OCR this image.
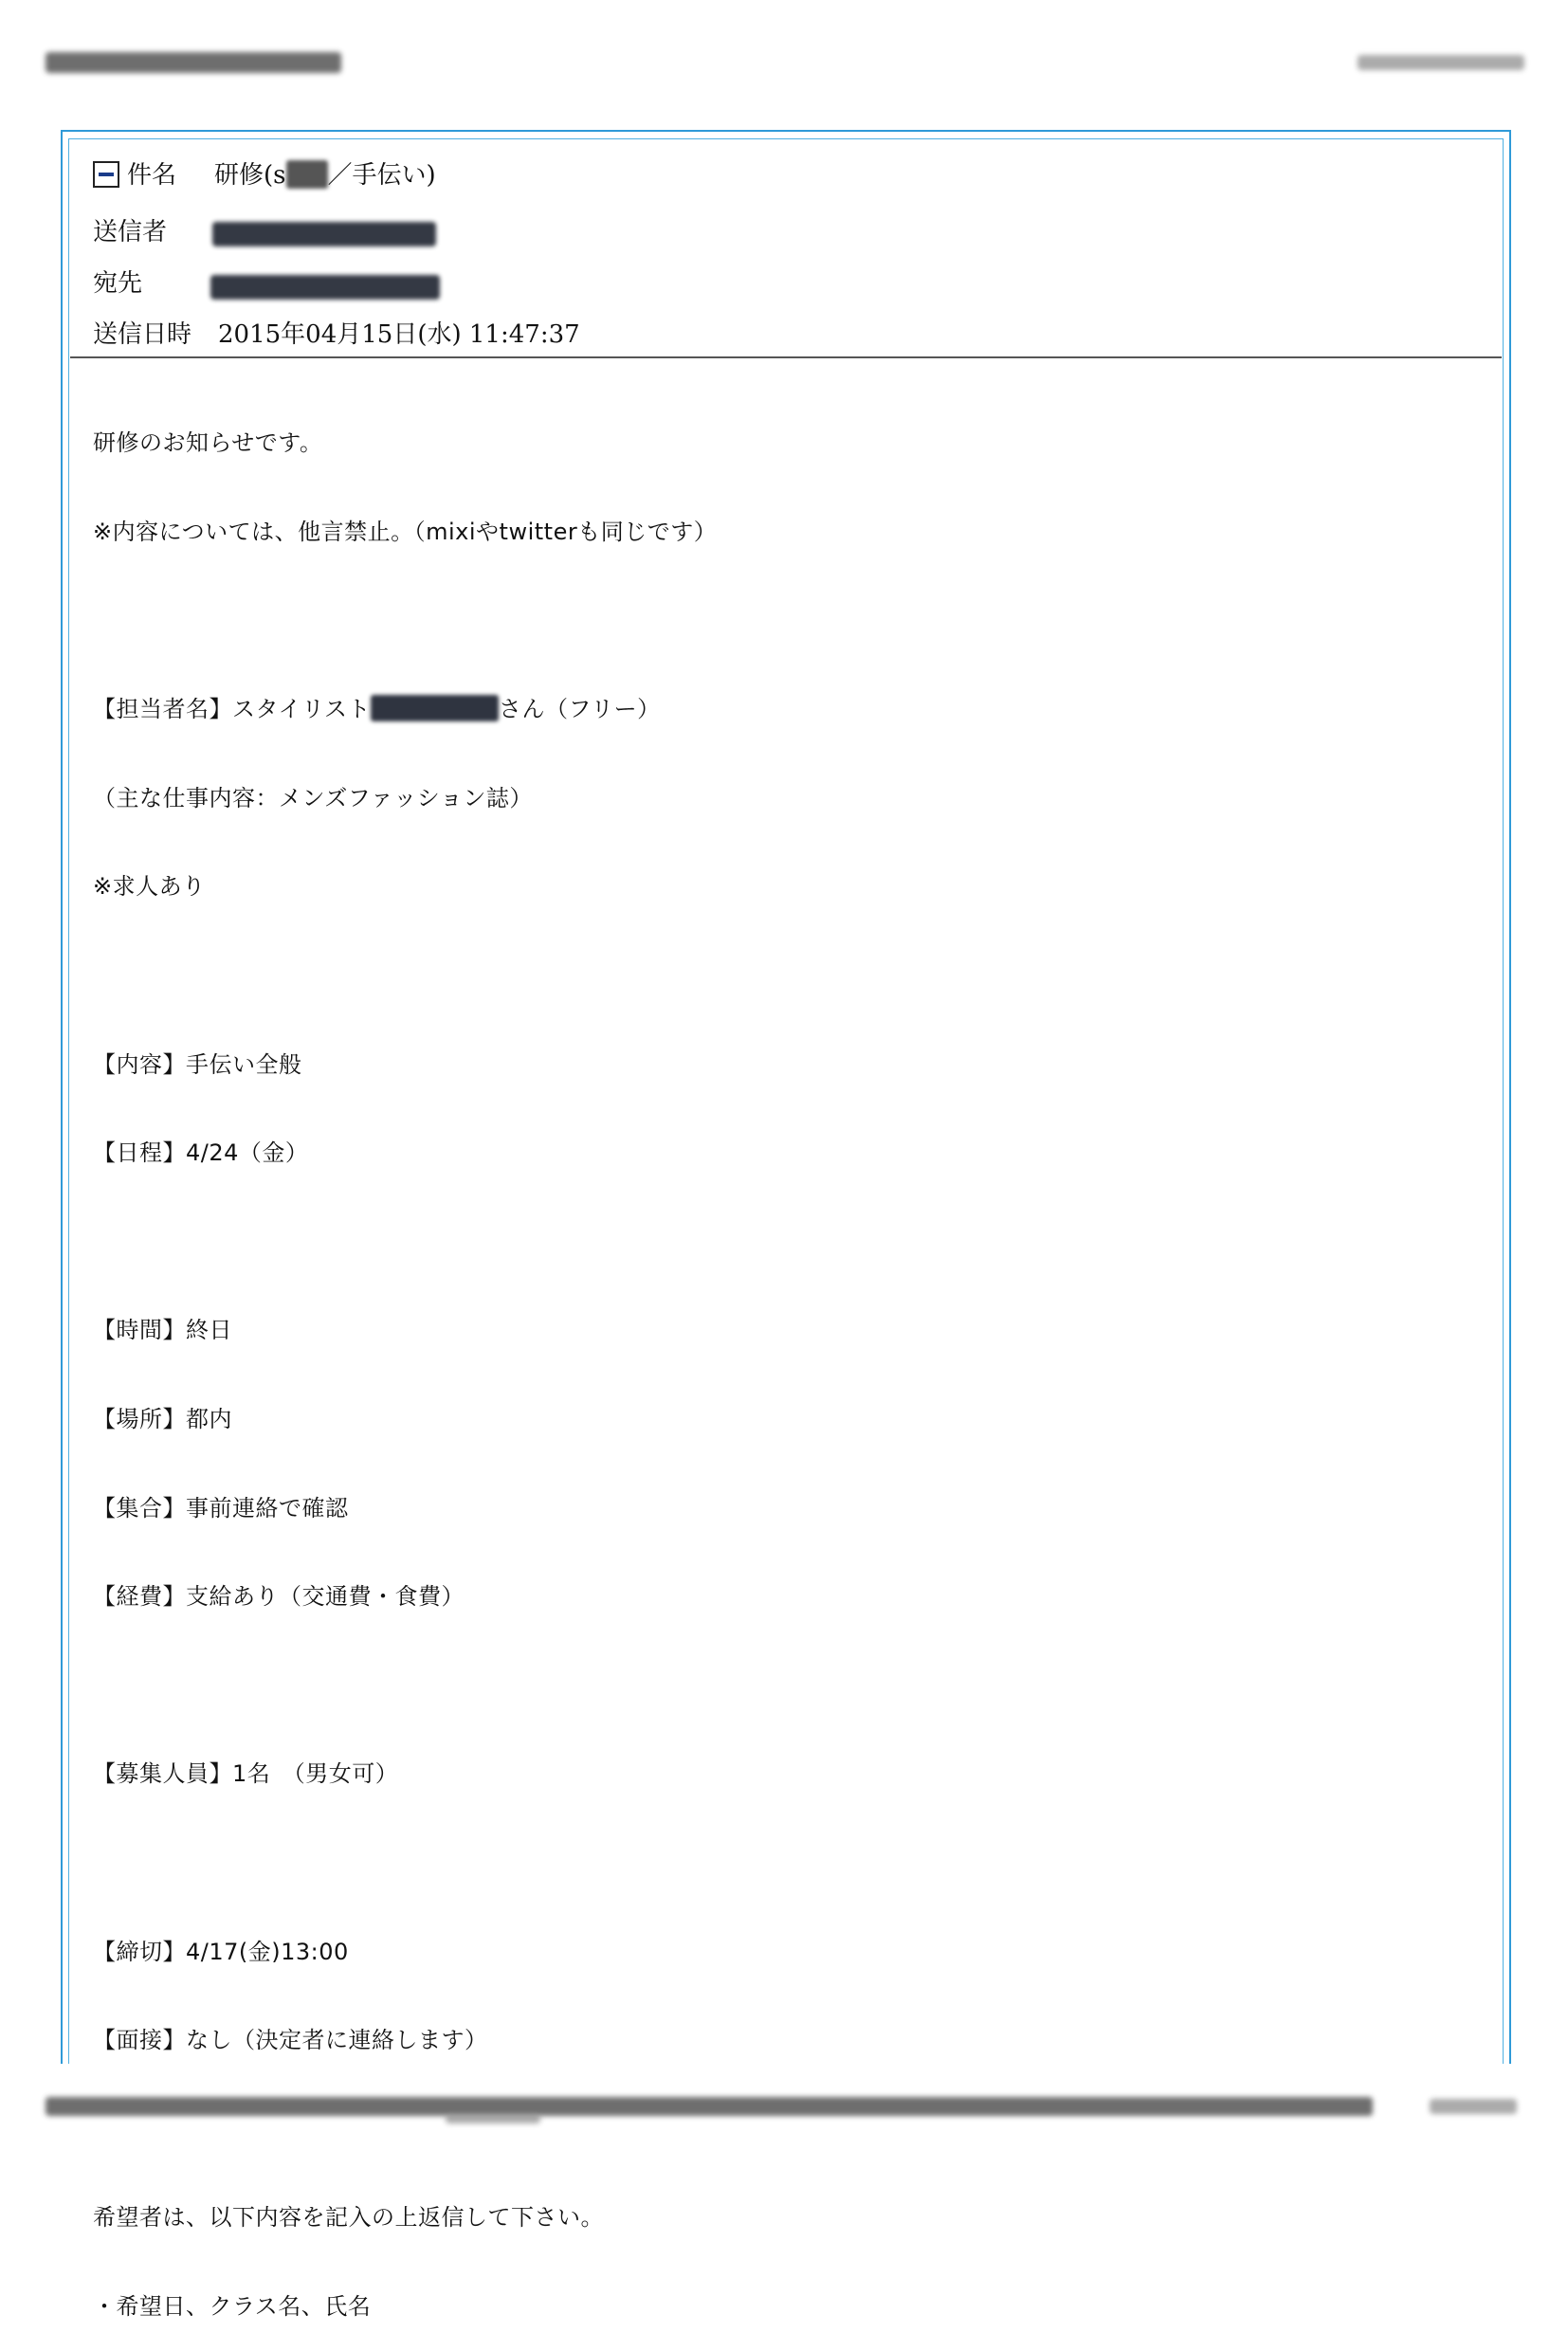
件名 研修(s ／手伝い)
送信者
宛先
送信日時 2015年04月15日(水) 11:47:37

研修のお知らせです。

※内容については、他言禁止。（mixiやtwitterも同じです）

【担当者名】スタイリスト	さん（フリー）

（主な仕事内容：メンズファッション誌）

※求人あり

【内容】手伝い全般

【日程】4/24（金）

【時間】終日

【場所】都内

【集合】事前連絡で確認

【経費】支給あり（交通費・食費）

【募集人員】1名　（男女可）

【締切】4/17(金)13:00

【面接】なし（決定者に連絡します）

希望者は、以下内容を記入の上返信して下さい。

・希望日、クラス名、氏名
